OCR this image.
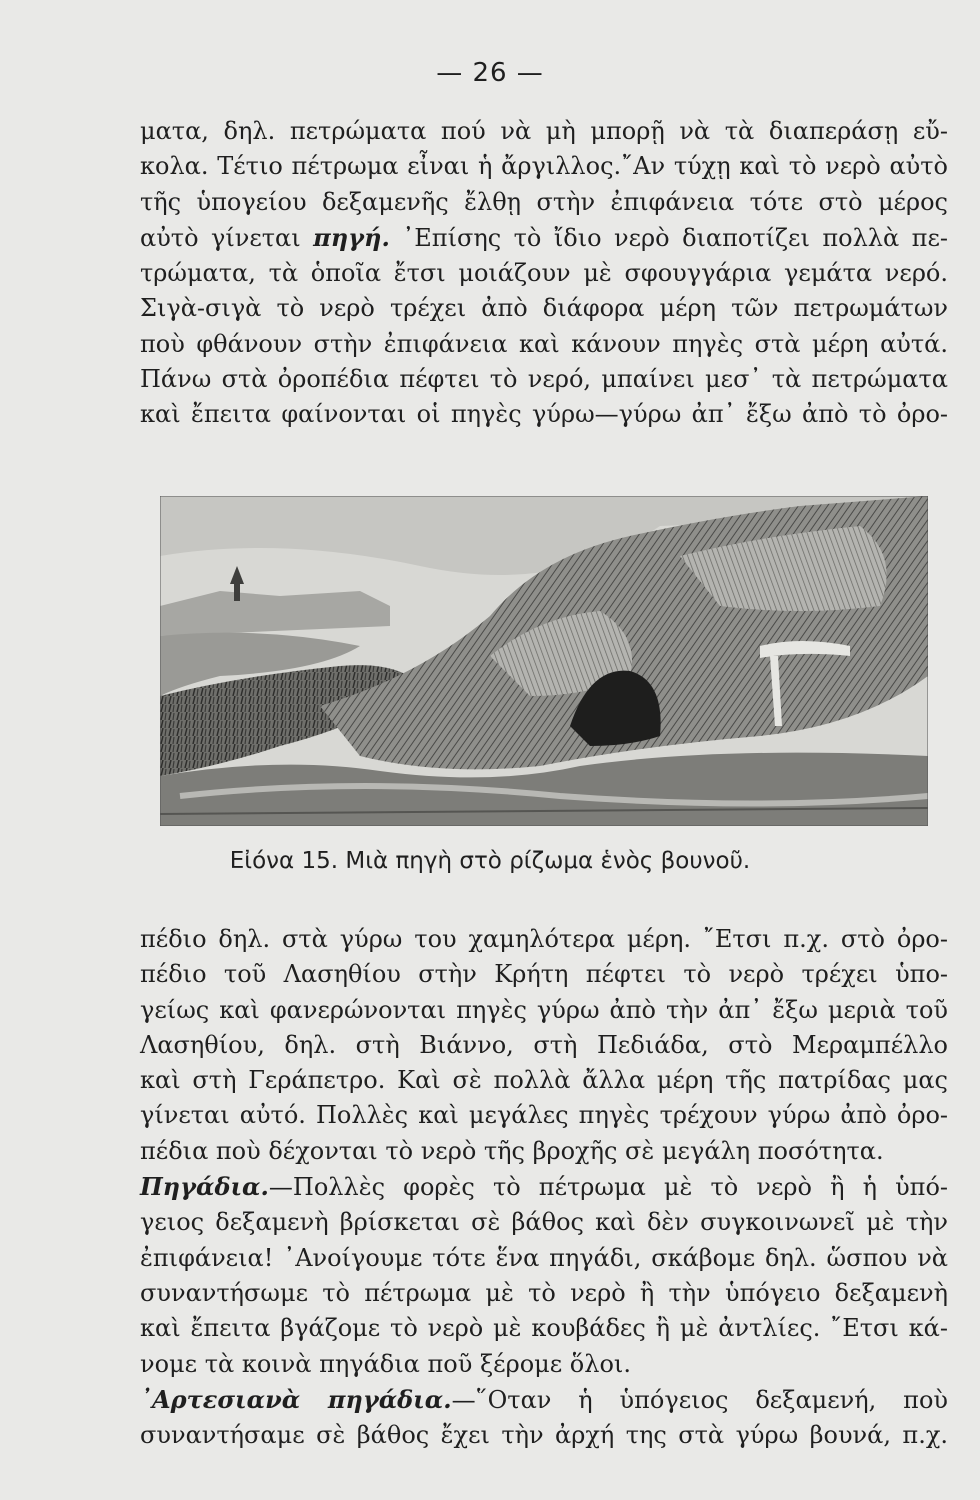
— 26 —
ματα, δηλ. πετρώματα πού νὰ μὴ μπορῇ νὰ τὰ διαπεράσῃ εὔ-
κολα. Τέτιο πέτρωμα εἶναι ἡ ἄργιλλος.῎Αν τύχῃ καὶ τὸ νερὸ αὐτὸ
τῆς ὑπογείου δεξαμενῆς ἔλθῃ στὴν ἐπιφάνεια τότε στὸ μέρος
αὐτὸ γίνεται πηγή. ᾿Επίσης τὸ ἴδιο νερὸ διαποτίζει πολλὰ πε-
τρώματα, τὰ ὁποῖα ἔτσι μοιάζουν μὲ σφουγγάρια γεμάτα νερό.
Σιγὰ-σιγὰ τὸ νερὸ τρέχει ἀπὸ διάφορα μέρη τῶν πετρωμάτων
ποὺ φθάνουν στὴν ἐπιφάνεια καὶ κάνουν πηγὲς στὰ μέρη αὐτά.
Πάνω στὰ ὀροπέδια πέφτει τὸ νερό, μπαίνει μεσ᾿ τὰ πετρώματα
καὶ ἔπειτα φαίνονται οἱ πηγὲς γύρω—γύρω ἀπ᾿ ἔξω ἀπὸ τὸ ὀρο-
Εἰόνα 15. Μιὰ πηγὴ στὸ ρίζωμα ἑνὸς βουνοῦ.
πέδιο δηλ. στὰ γύρω του χαμηλότερα μέρη. ῎Ετσι π.χ. στὸ ὀρο-
πέδιο τοῦ Λασηθίου στὴν Κρήτη πέφτει τὸ νερὸ τρέχει ὑπο-
γείως καὶ φανερώνονται πηγὲς γύρω ἀπὸ τὴν ἀπ᾿ ἔξω μεριὰ τοῦ
Λασηθίου, δηλ. στὴ Βιάννο, στὴ Πεδιάδα, στὸ Μεραμπέλλο
καὶ στὴ Γεράπετρο. Καὶ σὲ πολλὰ ἄλλα μέρη τῆς πατρίδας μας
γίνεται αὐτό. Πολλὲς καὶ μεγάλες πηγὲς τρέχουν γύρω ἀπὸ ὀρο-
πέδια ποὺ δέχονται τὸ νερὸ τῆς βροχῆς σὲ μεγάλη ποσότητα.
Πηγάδια.—Πολλὲς φορὲς τὸ πέτρωμα μὲ τὸ νερὸ ἢ ἡ ὑπό-
γειος δεξαμενὴ βρίσκεται σὲ βάθος καὶ δὲν συγκοινωνεῖ μὲ τὴν
ἐπιφάνεια! ᾿Ανοίγουμε τότε ἕνα πηγάδι, σκάβομε δηλ. ὥσπου νὰ
συναντήσωμε τὸ πέτρωμα μὲ τὸ νερὸ ἢ τὴν ὑπόγειο δεξαμενὴ
καὶ ἔπειτα βγάζομε τὸ νερὸ μὲ κουβάδες ἢ μὲ ἀντλίες. ῎Ετσι κά-
νομε τὰ κοινὰ πηγάδια ποῦ ξέρομε ὅλοι.
᾿Αρτεσιανὰ πηγάδια.—῞Οταν ἡ ὑπόγειος δεξαμενή, ποὺ
συναντήσαμε σὲ βάθος ἔχει τὴν ἀρχή της στὰ γύρω βουνά, π.χ.
